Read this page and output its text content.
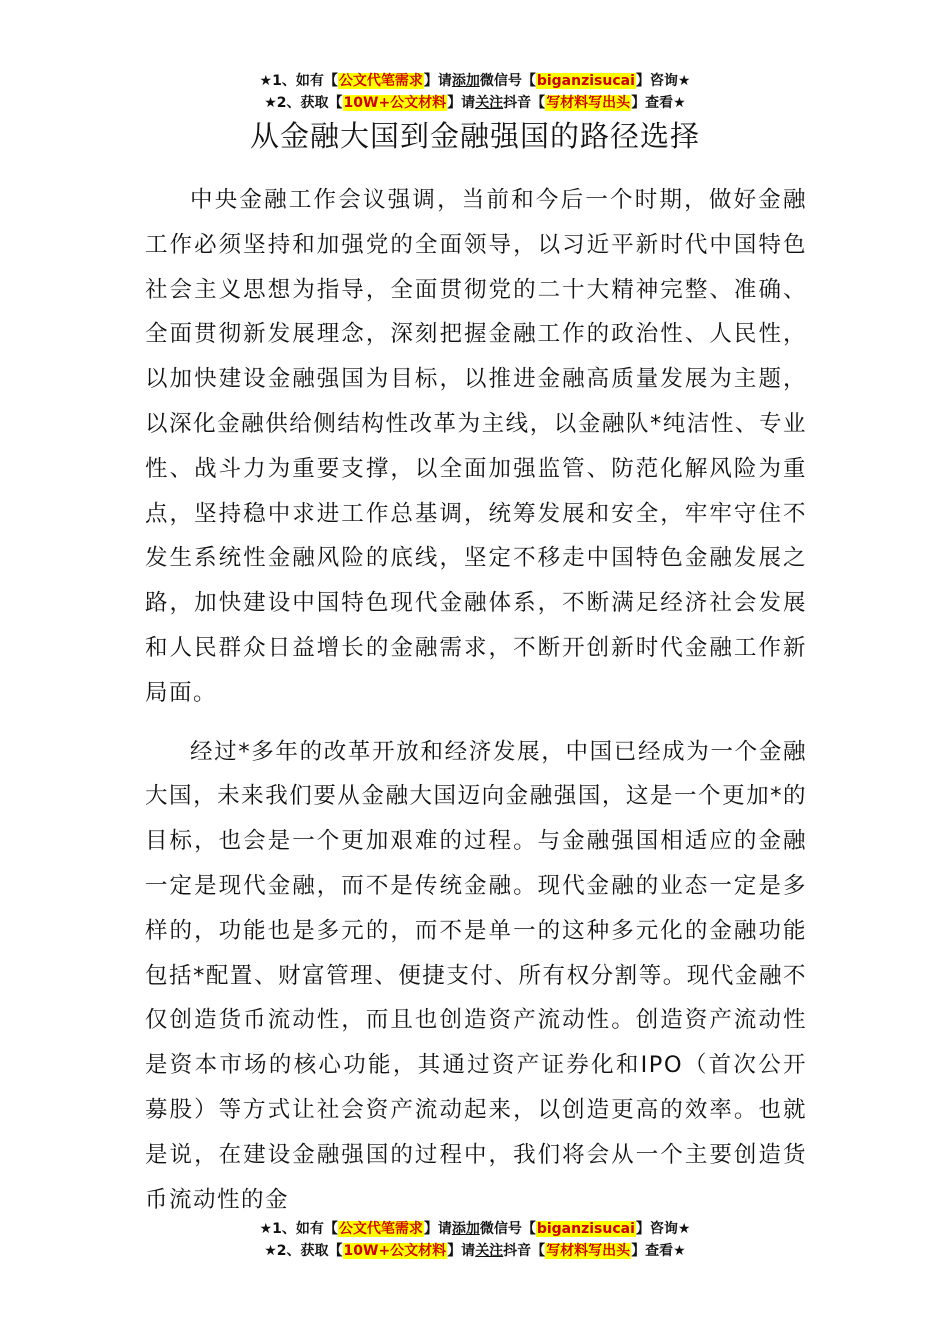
★1、如有【公文代笔需求】请添加微信号【biganzisucai】咨询★
★2、获取【10W+公文材料】请关注抖音【写材料写出头】查看★
从金融大国到金融强国的路径选择

中央金融工作会议强调，当前和今后一个时期，做好金融工作必须坚持和加强党的全面领导，以习近平新时代中国特色社会主义思想为指导，全面贯彻党的二十大精神完整、准确、全面贯彻新发展理念，深刻把握金融工作的政治性、人民性，以加快建设金融强国为目标，以推进金融高质量发展为主题，以深化金融供给侧结构性改革为主线，以金融队*纯洁性、专业性、战斗力为重要支撑，以全面加强监管、防范化解风险为重点，坚持稳中求进工作总基调，统筹发展和安全，牢牢守住不发生系统性金融风险的底线，坚定不移走中国特色金融发展之路，加快建设中国特色现代金融体系，不断满足经济社会发展和人民群众日益增长的金融需求，不断开创新时代金融工作新局面。

经过*多年的改革开放和经济发展，中国已经成为一个金融大国，未来我们要从金融大国迈向金融强国，这是一个更加*的目标，也会是一个更加艰难的过程。与金融强国相适应的金融一定是现代金融，而不是传统金融。现代金融的业态一定是多样的，功能也是多元的，而不是单一的这种多元化的金融功能包括*配置、财富管理、便捷支付、所有权分割等。现代金融不仅创造货币流动性，而且也创造资产流动性。创造资产流动性是资本市场的核心功能，其通过资产证券化和IPO（首次公开募股）等方式让社会资产流动起来，以创造更高的效率。也就是说，在建设金融强国的过程中，我们将会从一个主要创造货币流动性的金

★1、如有【公文代笔需求】请添加微信号【biganzisucai】咨询★
★2、获取【10W+公文材料】请关注抖音【写材料写出头】查看★
